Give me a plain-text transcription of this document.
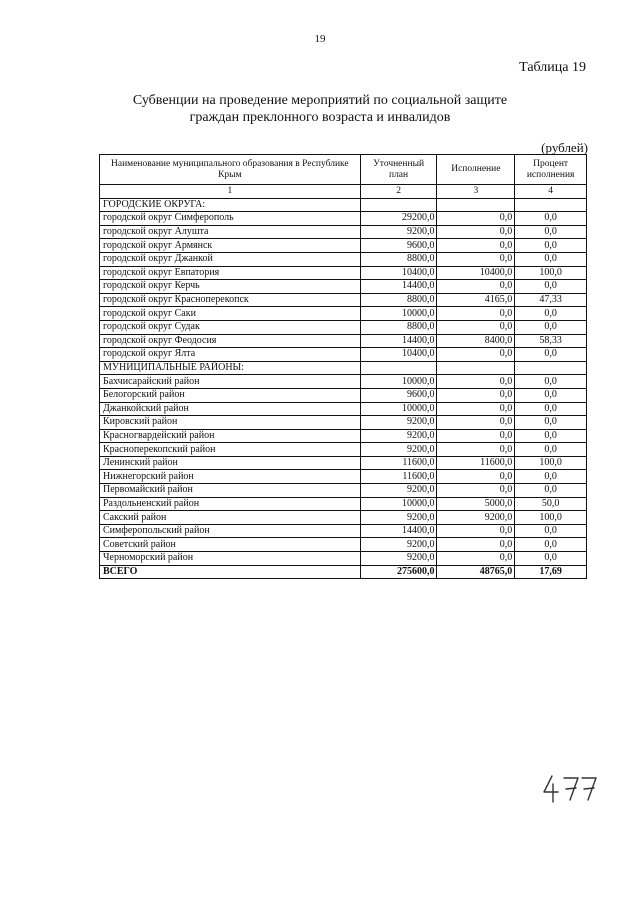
19
Таблица 19
Субвенции на проведение мероприятий по социальной защите
граждан преклонного возраста и инвалидов
(рублей)
Наименование муниципального образования в Республике Крым	Уточненный план	Исполнение	Процент исполнения
1	2	3	4
ГОРОДСКИЕ ОКРУГА:			
городской округ Симферополь	29200,0	0,0	0,0
городской округ Алушта	9200,0	0,0	0,0
городской округ Армянск	9600,0	0,0	0,0
городской округ Джанкой	8800,0	0,0	0,0
городской округ Евпатория	10400,0	10400,0	100,0
городской округ Керчь	14400,0	0,0	0,0
городской округ Красноперекопск	8800,0	4165,0	47,33
городской округ Саки	10000,0	0,0	0,0
городской округ Судак	8800,0	0,0	0,0
городской округ Феодосия	14400,0	8400,0	58,33
городской округ Ялта	10400,0	0,0	0,0
МУНИЦИПАЛЬНЫЕ РАЙОНЫ:			
Бахчисарайский район	10000,0	0,0	0,0
Белогорский район	9600,0	0,0	0,0
Джанкойский район	10000,0	0,0	0,0
Кировский район	9200,0	0,0	0,0
Красногвардейский район	9200,0	0,0	0,0
Красноперекопский район	9200,0	0,0	0,0
Ленинский район	11600,0	11600,0	100,0
Нижнегорский район	11600,0	0,0	0,0
Первомайский район	9200,0	0,0	0,0
Раздольненский район	10000,0	5000,0	50,0
Сакский район	9200,0	9200,0	100,0
Симферопольский район	14400,0	0,0	0,0
Советский район	9200,0	0,0	0,0
Черноморский район	9200,0	0,0	0,0
ВСЕГО	275600,0	48765,0	17,69
